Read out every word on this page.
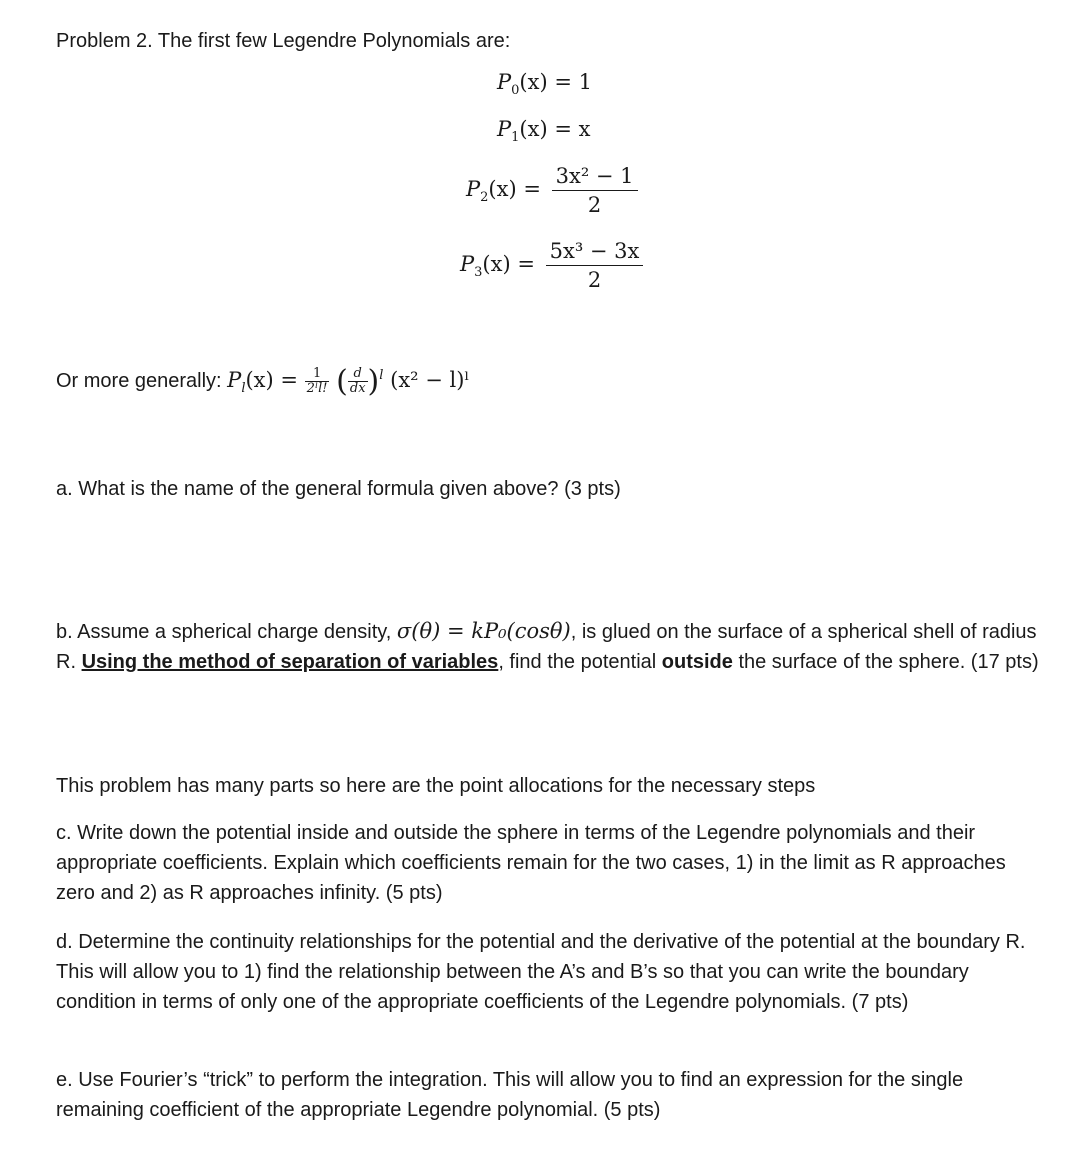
Problem 2. The first few Legendre Polynomials are:
$P_0(x) = 1$
$P_1(x) = x$
$P_2(x) = \frac{\text{3x² − 1}}{2}$
$P_3(x) = \frac{\text{5x³ − 3x}}{2}$
Or more generally: $P_l(x) = \frac{1}{\text{2ˡl!}}$ ( $\frac{d}{dx} )^l$ (x² − l)ˡ
a. What is the name of the general formula given above? (3 pts)
b. Assume a spherical charge density, σ(θ) = kP₀(cosθ), is glued on the surface of a spherical shell of radius R. Using the method of separation of variables, find the potential outside the surface of the sphere. (17 pts)
This problem has many parts so here are the point allocations for the necessary steps
c. Write down the potential inside and outside the sphere in terms of the Legendre polynomials and their appropriate coefficients. Explain which coefficients remain for the two cases, 1) in the limit as R approaches zero and 2) as R approaches infinity. (5 pts)
d. Determine the continuity relationships for the potential and the derivative of the potential at the boundary R. This will allow you to 1) find the relationship between the A’s and B’s so that you can write the boundary condition in terms of only one of the appropriate coefficients of the Legendre polynomials. (7 pts)
e. Use Fourier’s “trick” to perform the integration. This will allow you to find an expression for the single remaining coefficient of the appropriate Legendre polynomial. (5 pts)
